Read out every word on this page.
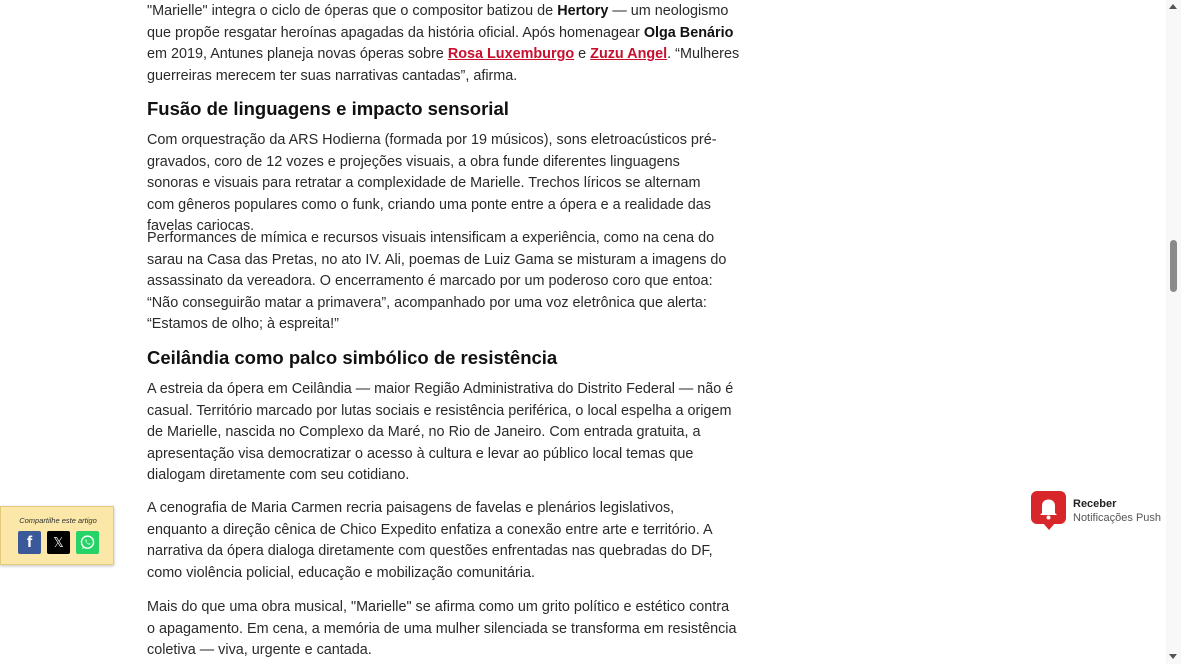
"Marielle" integra o ciclo de óperas que o compositor batizou de Hertory — um neologismo que propõe resgatar heroínas apagadas da história oficial. Após homenagear Olga Benário em 2019, Antunes planeja novas óperas sobre Rosa Luxemburgo e Zuzu Angel. “Mulheres guerreiras merecem ter suas narrativas cantadas”, afirma.

Fusão de linguagens e impacto sensorial

Com orquestração da ARS Hodierna (formada por 19 músicos), sons eletroacústicos pré-gravados, coro de 12 vozes e projeções visuais, a obra funde diferentes linguagens sonoras e visuais para retratar a complexidade de Marielle. Trechos líricos se alternam com gêneros populares como o funk, criando uma ponte entre a ópera e a realidade das favelas cariocas.

Performances de mímica e recursos visuais intensificam a experiência, como na cena do sarau na Casa das Pretas, no ato IV. Ali, poemas de Luiz Gama se misturam a imagens do assassinato da vereadora. O encerramento é marcado por um poderoso coro que entoa: “Não conseguirão matar a primavera”, acompanhado por uma voz eletrônica que alerta: “Estamos de olho; à espreita!”

Ceilândia como palco simbólico de resistência

A estreia da ópera em Ceilândia — maior Região Administrativa do Distrito Federal — não é casual. Território marcado por lutas sociais e resistência periférica, o local espelha a origem de Marielle, nascida no Complexo da Maré, no Rio de Janeiro. Com entrada gratuita, a apresentação visa democratizar o acesso à cultura e levar ao público local temas que dialogam diretamente com seu cotidiano.

A cenografia de Maria Carmen recria paisagens de favelas e plenários legislativos, enquanto a direção cênica de Chico Expedito enfatiza a conexão entre arte e território. A narrativa da ópera dialoga diretamente com questões enfrentadas nas quebradas do DF, como violência policial, educação e mobilização comunitária.

Mais do que uma obra musical, "Marielle" se afirma como um grito político e estético contra o apagamento. Em cena, a memória de uma mulher silenciada se transforma em resistência coletiva — viva, urgente e cantada.

Compartilhe este artigo
f 𝕏
Receber
Notificações Push
